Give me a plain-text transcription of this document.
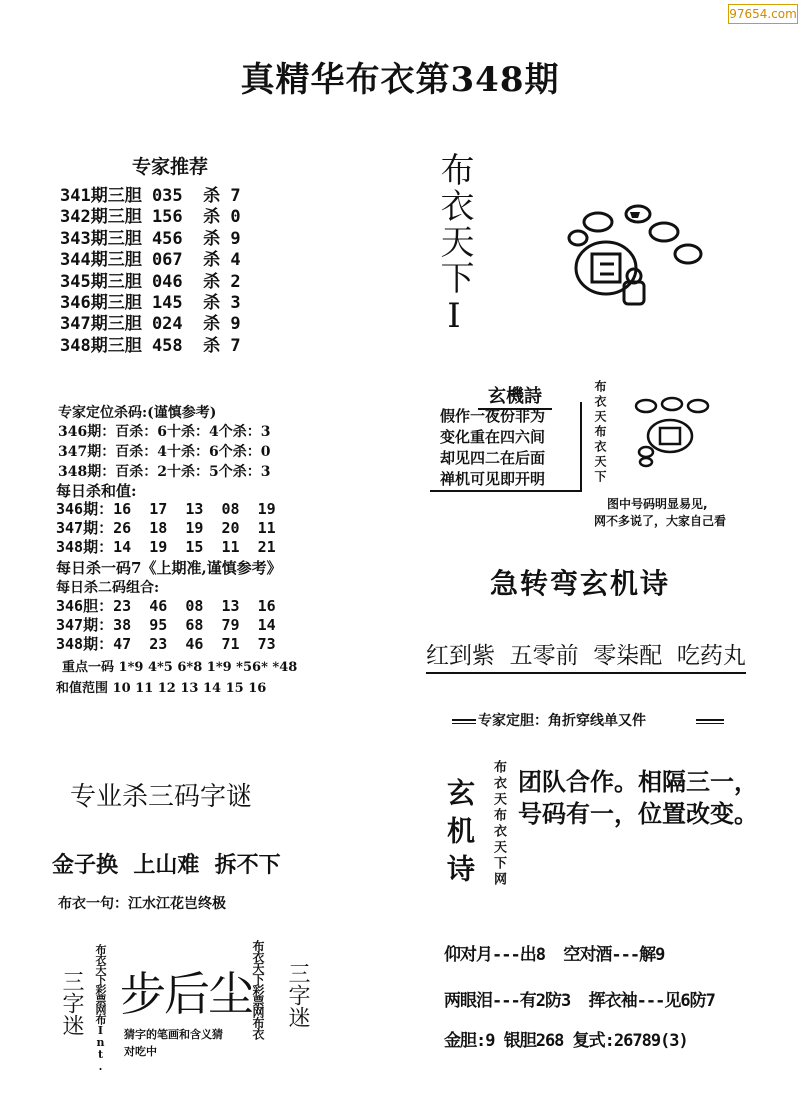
97654.com
真精华布衣第348期
专家推荐
341期三胆 035  杀 7
342期三胆 156  杀 0
343期三胆 456  杀 9
344期三胆 067  杀 4
345期三胆 046  杀 2
346期三胆 145  杀 3
347期三胆 024  杀 9
348期三胆 458  杀 7
专家定位杀码:(谨慎参考)
346期：百杀：6十杀：4个杀：3
347期：百杀：4十杀：6个杀：0
348期：百杀：2十杀：5个杀：3
每日杀和值:
346期：16  17  13  08  19
347期：26  18  19  20  11
348期：14  19  15  11  21
每日杀一码7《上期准,谨慎参考》
每日杀二码组合:
346胆：23  46  08  13  16
347期：38  95  68  79  14
348期：47  23  46  71  73
重点一码 1*9 4*5 6*8 1*9 *56* *48
和值范围 10 11 12 13 14 15 16
专业杀三码字谜
金子换  上山难  拆不下
布衣一句：江水江花岂终极
三字迷 布衣天下彩票网布Int. 步后尘
猜字的笔画和含义猜
对吃中
布衣天下彩票网布衣 三字迷
布衣天下I
玄機詩
假作一夜份非为
变化重在四六间
却见四二在后面
禅机可见即开明	布衣天布衣天下
图中号码明显易见,
网不多说了，大家自己看
急转弯玄机诗
红到紫  五零前  零柒配  吃药丸
专家定胆：角折穿线单又件
玄机诗 布衣天布衣天下网 团队合作。相隔三一，
号码有一，位置改变。
仰对月---出8  空对酒---解9
两眼泪---有2防3  挥衣袖---见6防7
金胆:9 银胆268 复式:26789(3)
